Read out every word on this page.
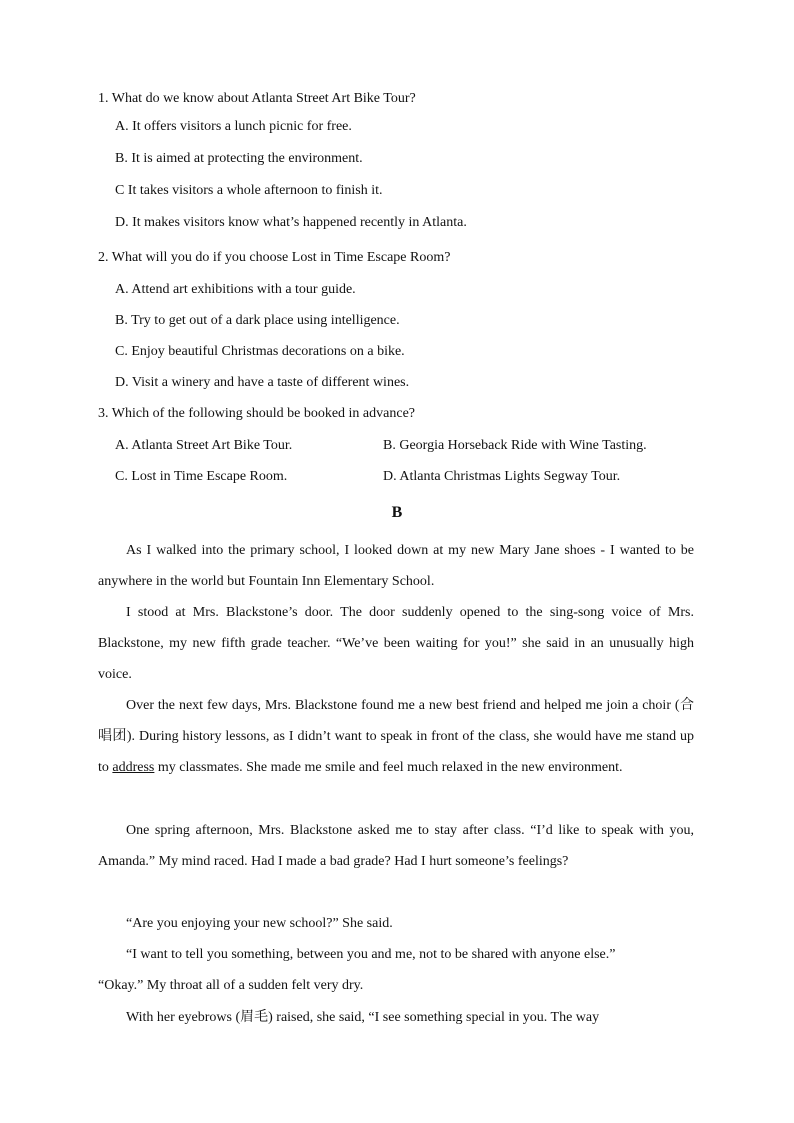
1. What do we know about Atlanta Street Art Bike Tour?
A. It offers visitors a lunch picnic for free.
B. It is aimed at protecting the environment.
C It takes visitors a whole afternoon to finish it.
D. It makes visitors know what’s happened recently in Atlanta.
2. What will you do if you choose Lost in Time Escape Room?
A. Attend art exhibitions with a tour guide.
B. Try to get out of a dark place using intelligence.
C. Enjoy beautiful Christmas decorations on a bike.
D. Visit a winery and have a taste of different wines.
3. Which of the following should be booked in advance?
A. Atlanta Street Art Bike Tour.	B. Georgia Horseback Ride with Wine Tasting.
C. Lost in Time Escape Room.	D. Atlanta Christmas Lights Segway Tour.
B
As I walked into the primary school, I looked down at my new Mary Jane shoes - I wanted to be anywhere in the world but Fountain Inn Elementary School.
I stood at Mrs. Blackstone’s door. The door suddenly opened to the sing-song voice of Mrs. Blackstone, my new fifth grade teacher. “We’ve been waiting for you!” she said in an unusually high voice.
Over the next few days, Mrs. Blackstone found me a new best friend and helped me join a choir (合唱团). During history lessons, as I didn’t want to speak in front of the class, she would have me stand up to address my classmates. She made me smile and feel much relaxed in the new environment.
One spring afternoon, Mrs. Blackstone asked me to stay after class. “I’d like to speak with you, Amanda.” My mind raced. Had I made a bad grade? Had I hurt someone’s feelings?
“Are you enjoying your new school?” She said.
“I want to tell you something, between you and me, not to be shared with anyone else.”
“Okay.” My throat all of a sudden felt very dry.
With her eyebrows (眉毛) raised, she said, “I see something special in you. The way
